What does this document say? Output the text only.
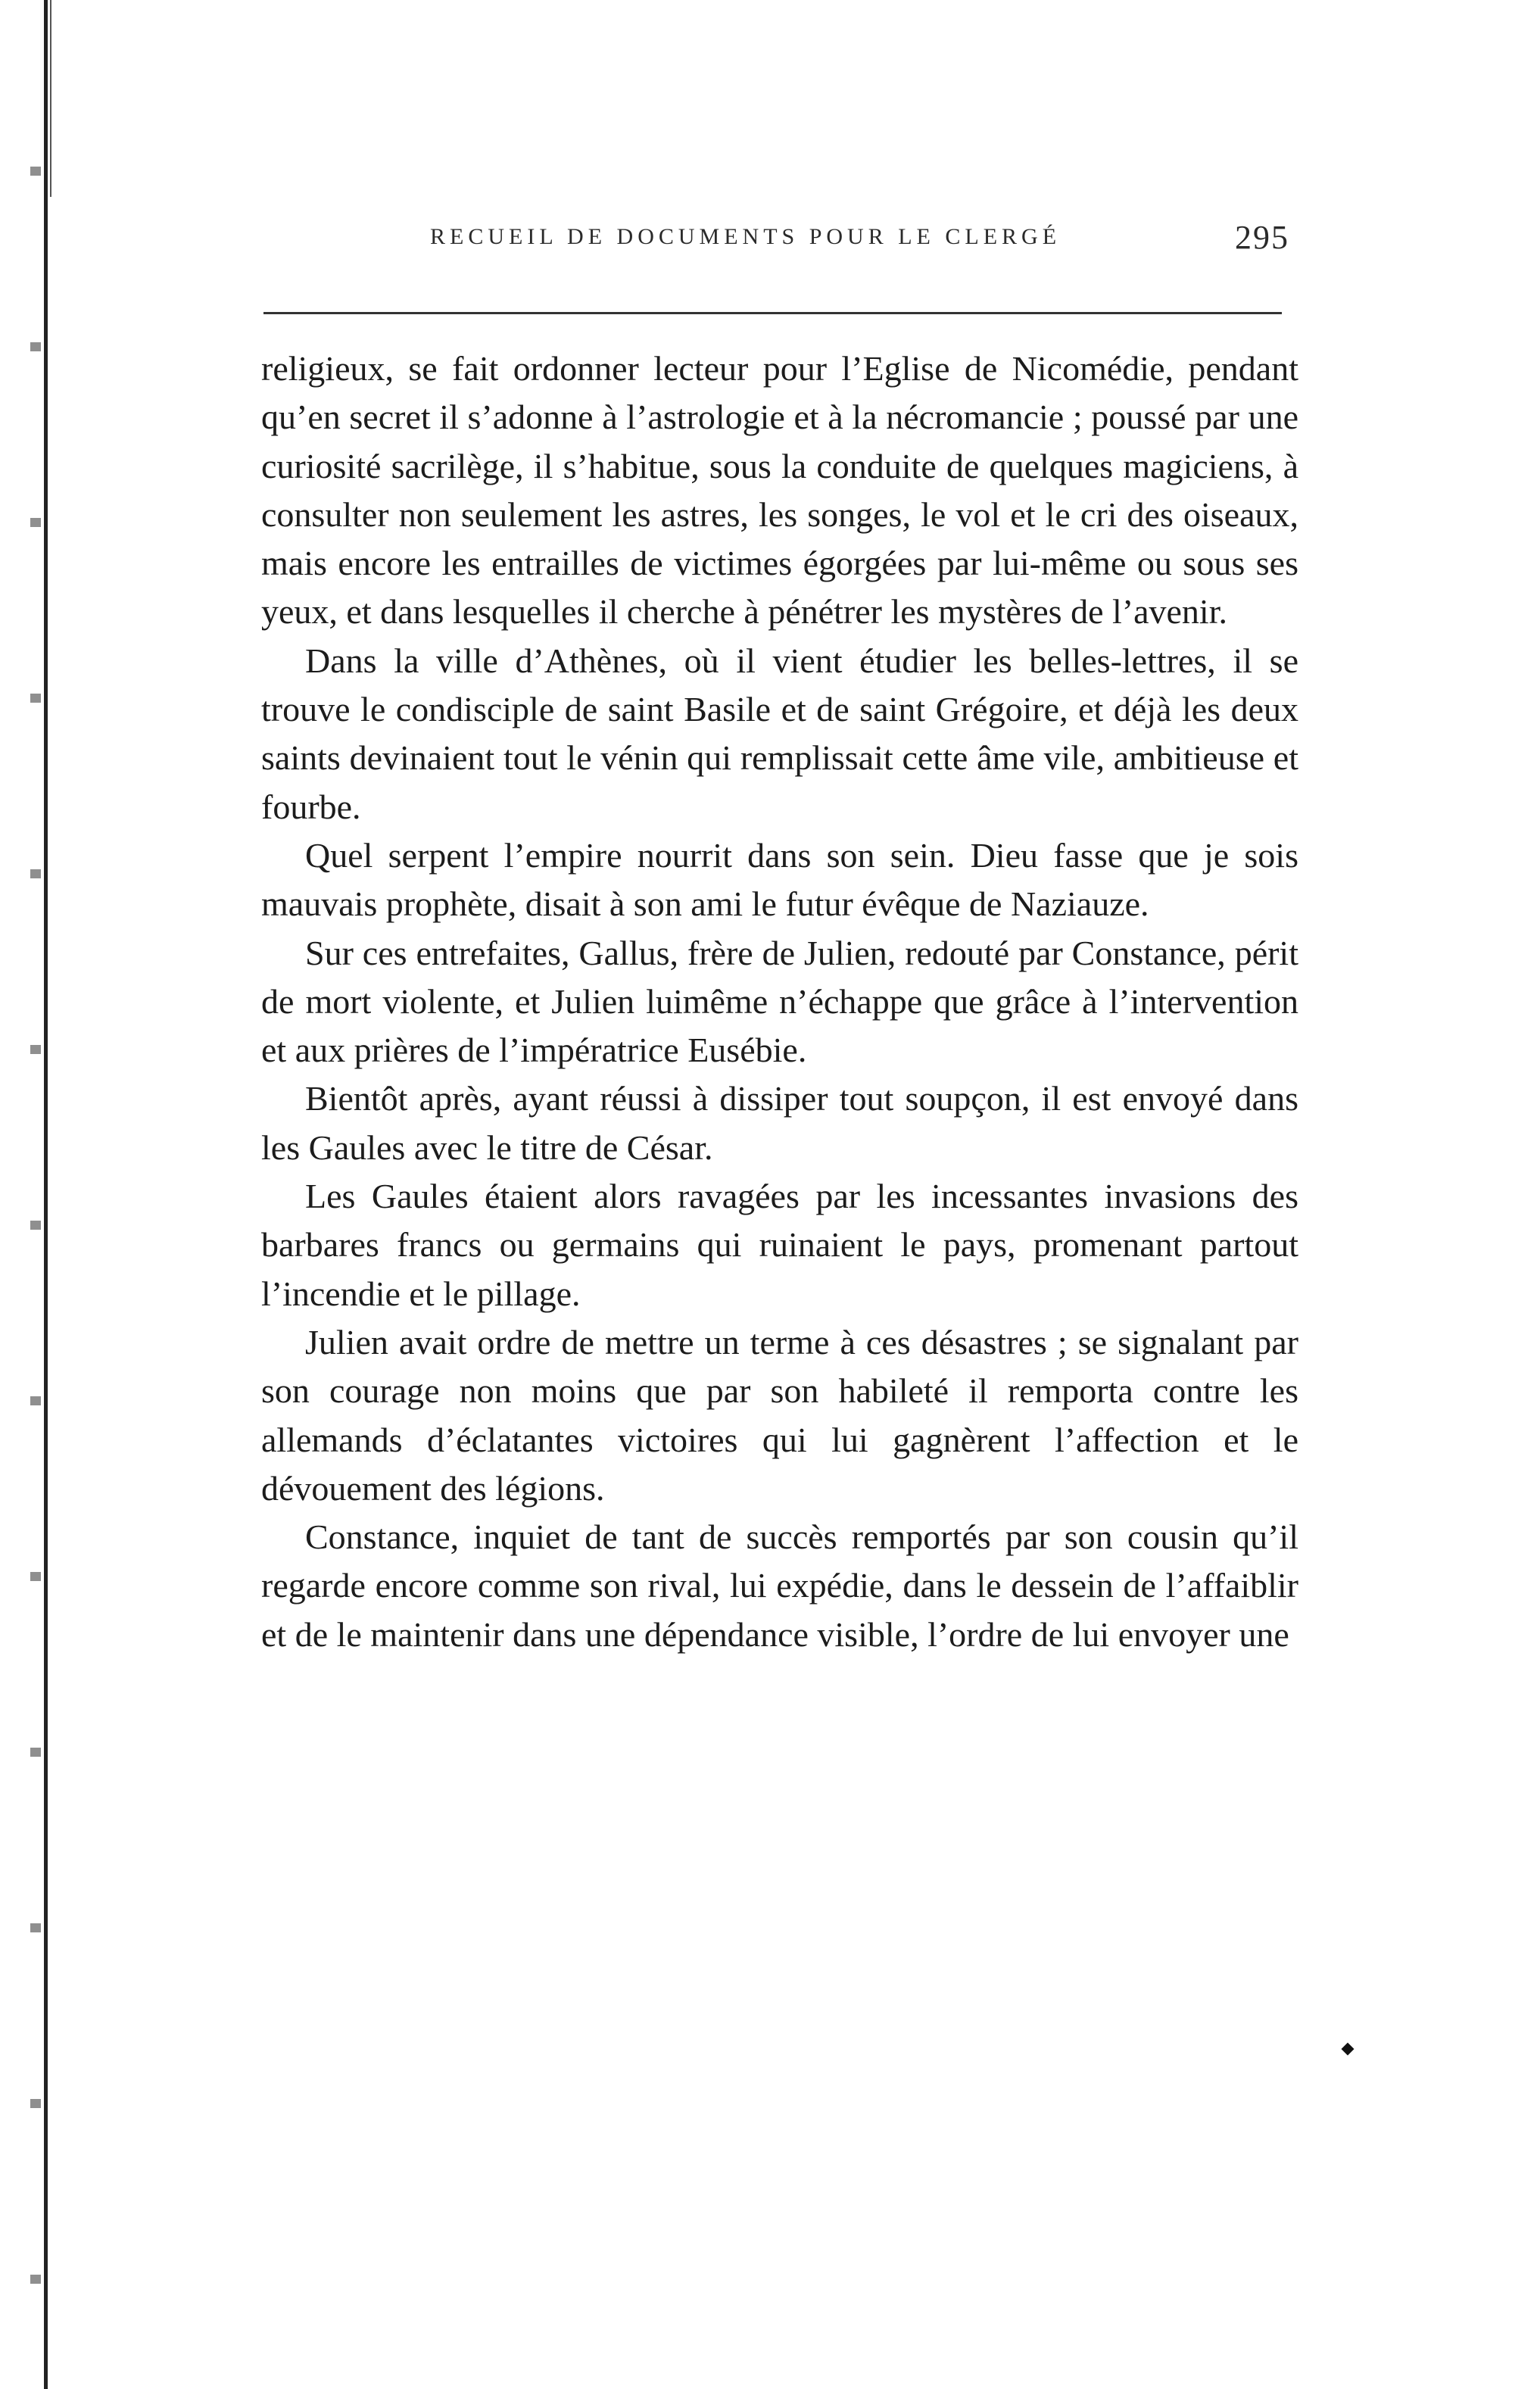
RECUEIL DE DOCUMENTS POUR LE CLERGÉ	295

religieux, se fait ordonner lecteur pour l’Eglise de Nicomédie, pendant qu’en secret il s’adonne à l’astrologie et à la nécromancie ; poussé par une curiosité sacrilège, il s’habitue, sous la conduite de quelques magiciens, à consulter non seulement les astres, les songes, le vol et le cri des oiseaux, mais encore les entrailles de victimes égorgées par lui-même ou sous ses yeux, et dans lesquelles il cherche à pénétrer les mystères de l’avenir.

Dans la ville d’Athènes, où il vient étudier les belles-lettres, il se trouve le condisciple de saint Basile et de saint Grégoire, et déjà les deux saints devinaient tout le vénin qui remplissait cette âme vile, ambitieuse et fourbe.

Quel serpent l’empire nourrit dans son sein. Dieu fasse que je sois mauvais prophète, disait à son ami le futur évêque de Naziauze.

Sur ces entrefaites, Gallus, frère de Julien, redouté par Constance, périt de mort violente, et Julien luimême n’échappe que grâce à l’intervention et aux prières de l’impératrice Eusébie.

Bientôt après, ayant réussi à dissiper tout soupçon, il est envoyé dans les Gaules avec le titre de César.

Les Gaules étaient alors ravagées par les incessantes invasions des barbares francs ou germains qui ruinaient le pays, promenant partout l’incendie et le pillage.

Julien avait ordre de mettre un terme à ces désastres ; se signalant par son courage non moins que par son habileté il remporta contre les allemands d’éclatantes victoires qui lui gagnèrent l’affection et le dévouement des légions.

Constance, inquiet de tant de succès remportés par son cousin qu’il regarde encore comme son rival, lui expédie, dans le dessein de l’affaiblir et de le maintenir dans une dépendance visible, l’ordre de lui envoyer une
